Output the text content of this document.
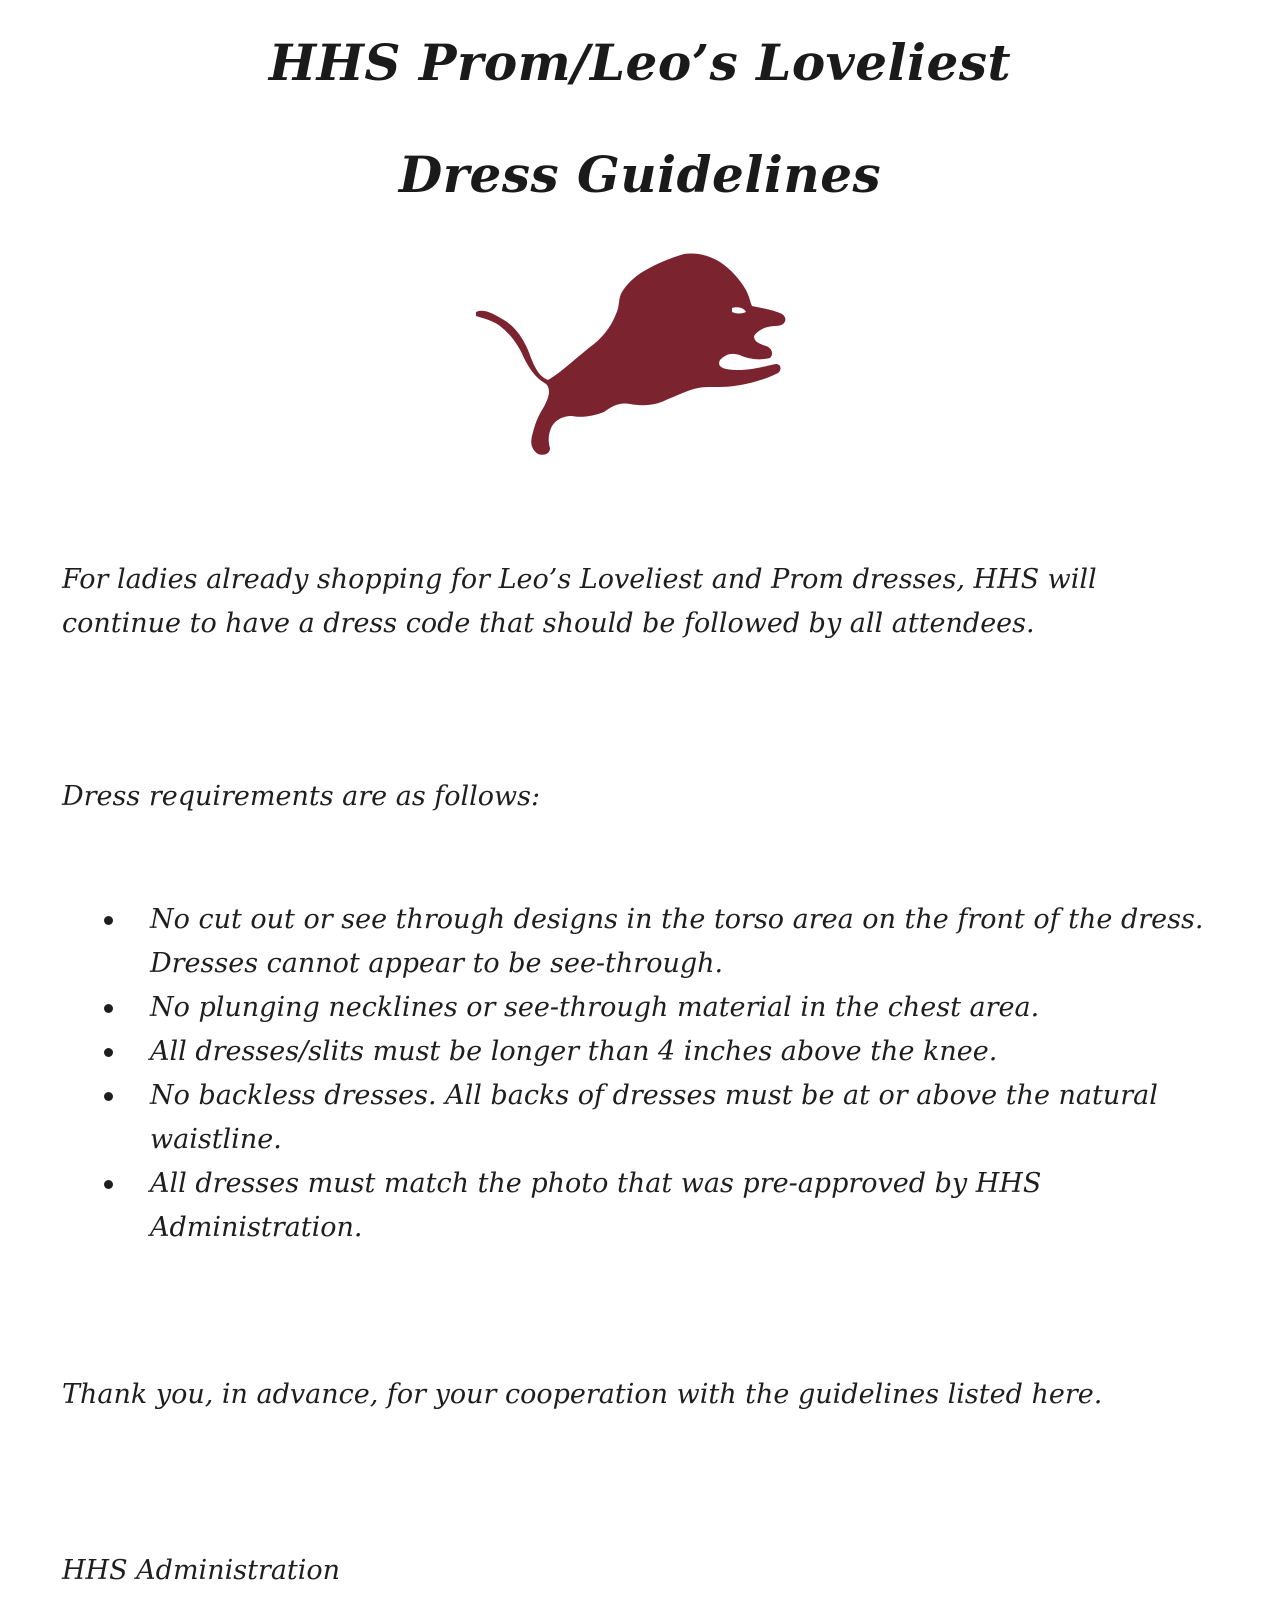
HHS Prom/Leo’s Loveliest
Dress Guidelines

For ladies already shopping for Leo’s Loveliest and Prom dresses, HHS will continue to have a dress code that should be followed by all attendees.

Dress requirements are as follows:

No cut out or see through designs in the torso area on the front of the dress. Dresses cannot appear to be see-through.
No plunging necklines or see-through material in the chest area.
All dresses/slits must be longer than 4 inches above the knee.
No backless dresses. All backs of dresses must be at or above the natural waistline.
All dresses must match the photo that was pre-approved by HHS Administration.

Thank you, in advance, for your cooperation with the guidelines listed here.

HHS Administration
